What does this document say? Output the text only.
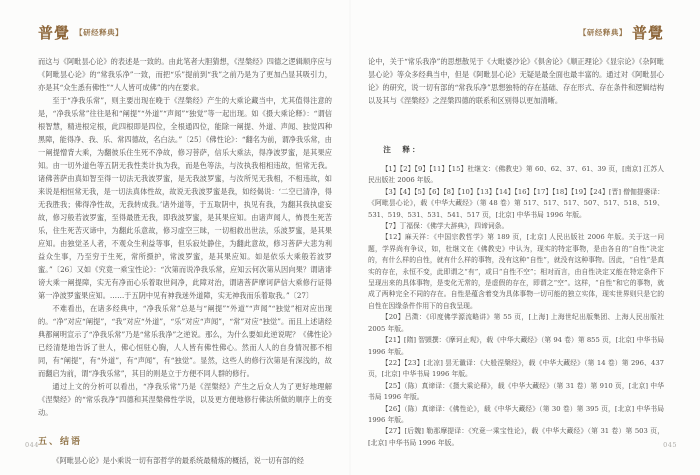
普覺 【研经释典】

而这与《阿毗昙心论》的表述是一致的。由此笔者大胆猜想，《涅槃经》四德之逻辑顺序应与《阿毗昙心论》的“常我乐净”一致，而把“乐”提前到“我”之前乃是为了更加凸显其吸引力，亦是其“众生悉有佛性”“人人皆可成佛”的内在要求。

至于“净我乐常”，则主要出现在晚于《涅槃经》产生的大乘论藏当中，尤其值得注意的是，“净我乐常”往往是和“阐提”“外道”“声闻”“独觉”等一起出现。如《摄大乘论释》：“谓信根智慧，精进根定根，此四根即是四位，全根通四位，能除一阐提、外道、声闻、独觉四种黑障，能得净、我、乐、常四德故，名白法。”〔25〕《佛性论》：“翻名为前，谓净我乐常，由一阐提憎背大乘，为翻彼乐住生死不净故，修习菩萨，信乐大乘法，得净波罗蜜，是其果应知。由一切外道色等五阴无我性类计执为我，而是色等法，与汝执我相相违故，恒常无我。诸佛菩萨由真如智至得一切法无我波罗蜜，是无我波罗蜜，与汝所见无我相，不相违故，如来说是相恒常无我，是一切法真体性故，故说无我波罗蜜是我，如经偈说：‘二空已清净，得无我胜我；佛得净性故，无我转成我。’诸外道等，于五取阴中，执见有我，为翻其我执虚妄故，修习般若波罗蜜，至得最胜无我，即我波罗蜜，是其果应知。由诸声闻人，怖畏生死苦乐，住生死苦灭谛中，为翻此乐意故，修习虚空三昧，一切相救出世法，乐波罗蜜，是其果应知。由独觉圣人者，不观众生利益等事，但乐寂处静住，为翻此意故，修习菩萨大悲为利益众生事，乃至穷于生死，常所摄护，常波罗蜜，是其果应知。如是依乐大乘般若波罗蜜。”〔26〕又如《究竟一乘宝性论》：“次第而说净我乐常，应知云何次第从因向果？谓诸诽谤大乘一阐提障，实无有净而心乐着取世间净，此障对治，谓诸菩萨摩诃萨信大乘修行证得第一净波罗蜜果应知。……于五阴中见有神我迷外道障，实无神我而乐着取我。”〔27〕

不难看出，在诸多经典中，“净我乐常”总是与“阐提”“外道”“声闻”“独觉”相对应出现的。“净”对应“阐提”，“我”对应“外道”，“乐”对应“声闻”，“常”对应“独觉”。而且上述诸经典都阐明宣示了“净我乐常”乃是“常乐我净”之逆说。那么，为什么要如此逆说呢？《佛性论》已经清楚地告诉了世人，佛心恒驻心胸，人人皆有佛性佛心。然而人人的自身情况都不相同，有“阐提”，有“外道”，有“声闻”，有“独觉”。显然，这些人的修行次第是有深浅的，故而翻启为前，谓“净我乐常”，其目的则是立于方便不同人群的修行。

通过上文的分析可以看出，“净我乐常”乃是《涅槃经》产生之后众人为了更好地理解《涅槃经》的“常乐我净”四德和其涅槃佛性学说，以及更方便地修行佛法所做的顺序上的变动。

五、结语

《阿毗昙心论》是小乘说一切有部哲学的最系统最精炼的概括，说一切有部的经

【研经释典】 普覺

论中，关于“常乐我净”的思想散见于《大毗婆沙论》《俱舍论》《顺正理论》《显宗论》《杂阿毗昙心论》等众多经典当中，但是《阿毗昙心论》无疑是最全面也最丰富的。通过对《阿毗昙心论》的研究，说一切有部的“常我乐净”思想独特的存在基础、存在形式、存在条件和逻辑结构以及其与《涅槃经》之涅槃四德的联系和区别得以更加清晰。

注　释：

【1】【2】【9】【11】【15】杜继文：《佛教史》第 60、62、37、61、39 页，[南京] 江苏人民出版社 2006 年版。

【3】【4】【5】【6】【8】【10】【13】【14】【16】【17】【18】【19】【24】[晋] 僧伽提婆译：《阿毗昙心论》，载《中华大藏经》（第 48 卷）第 517、517、517、507、517、518、519、531、519、531、531、541、517 页，[北京] 中华书局 1996 年版。

【7】丁福保：《佛学大辞典》，四谛词条。

【12】麻天祥：《中国宗教哲学》第 189 页，[北京] 人民出版社 2006 年版。关于这一问题，学界尚有争议，如，杜继文在《佛教史》中认为，现实的特定事物，是由各自的“自性”决定的，有什么样的自性，就有什么样的事物，没有这种“自性”，就没有这种事物。因此，“自性”是真实的存在，永恒不变，此即谓之“有”，或曰“自性不空”；相对而言，由自性决定又能在特定条件下呈现出来的具体事物，是变化无常的，是虚假的存在，即谓之“空”。这样，“自性”和它的事物，就成了两种完全不同的存在。自性是蕴含着变为具体事物一切可能的独立实体，现实世界则只是它的自性在因缘条件作用下的自我呈现。

【20】吕澂：《印度佛学源流略讲》第 55 页，[上海] 上海世纪出版集团、上海人民出版社 2005 年版。

【21】[隋] 智顗撰：《摩诃止观》，载《中华大藏经》（第 94 卷）第 855 页，[北京] 中华书局 1996 年版。

【22】【23】[北凉] 昙无谶译：《大般涅槃经》，载《中华大藏经》（第 14 卷）第 296、437 页，[北京] 中华书局 1996 年版。

【25】（陈）真谛译：《摄大乘论释》，载《中华大藏经》（第 31 卷）第 910 页，[北京] 中华书局 1996 年版。

【26】（陈）真谛译：《佛性论》，载《中华大藏经》（第 30 卷）第 395 页，[北京] 中华书局 1996 年版。

【27】[后魏] 勒那摩提译：《究竟一乘宝性论》，载《中华大藏经》（第 31 卷）第 503 页，[北京] 中华书局 1996 年版。

044	045
